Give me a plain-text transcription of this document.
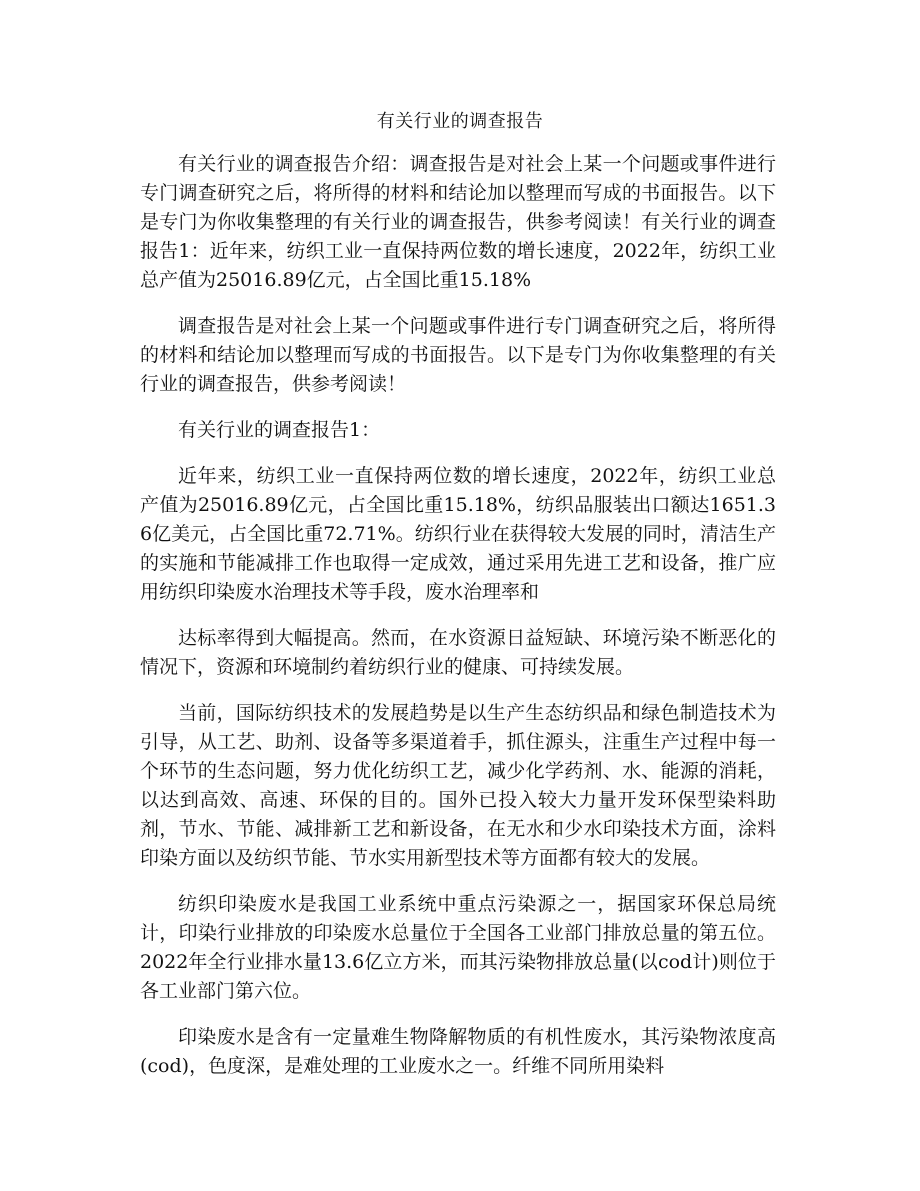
有关行业的调查报告

有关行业的调查报告介绍：调查报告是对社会上某一个问题或事件进行专门调查研究之后，将所得的材料和结论加以整理而写成的书面报告。以下是专门为你收集整理的有关行业的调查报告，供参考阅读！有关行业的调查报告1：近年来，纺织工业一直保持两位数的增长速度，2022年，纺织工业总产值为25016.89亿元，占全国比重15.18%

调查报告是对社会上某一个问题或事件进行专门调查研究之后，将所得的材料和结论加以整理而写成的书面报告。以下是专门为你收集整理的有关行业的调查报告，供参考阅读！

有关行业的调查报告1：

近年来，纺织工业一直保持两位数的增长速度，2022年，纺织工业总产值为25016.89亿元，占全国比重15.18%，纺织品服装出口额达1651.36亿美元，占全国比重72.71%。纺织行业在获得较大发展的同时，清洁生产的实施和节能减排工作也取得一定成效，通过采用先进工艺和设备，推广应用纺织印染废水治理技术等手段，废水治理率和

达标率得到大幅提高。然而，在水资源日益短缺、环境污染不断恶化的情况下，资源和环境制约着纺织行业的健康、可持续发展。

当前，国际纺织技术的发展趋势是以生产生态纺织品和绿色制造技术为引导，从工艺、助剂、设备等多渠道着手，抓住源头，注重生产过程中每一个环节的生态问题，努力优化纺织工艺，减少化学药剂、水、能源的消耗，以达到高效、高速、环保的目的。国外已投入较大力量开发环保型染料助剂，节水、节能、减排新工艺和新设备，在无水和少水印染技术方面，涂料印染方面以及纺织节能、节水实用新型技术等方面都有较大的发展。

纺织印染废水是我国工业系统中重点污染源之一，据国家环保总局统计，印染行业排放的印染废水总量位于全国各工业部门排放总量的第五位。2022年全行业排水量13.6亿立方米，而其污染物排放总量(以cod计)则位于各工业部门第六位。

印染废水是含有一定量难生物降解物质的有机性废水，其污染物浓度高(cod)，色度深，是难处理的工业废水之一。纤维不同所用染料
